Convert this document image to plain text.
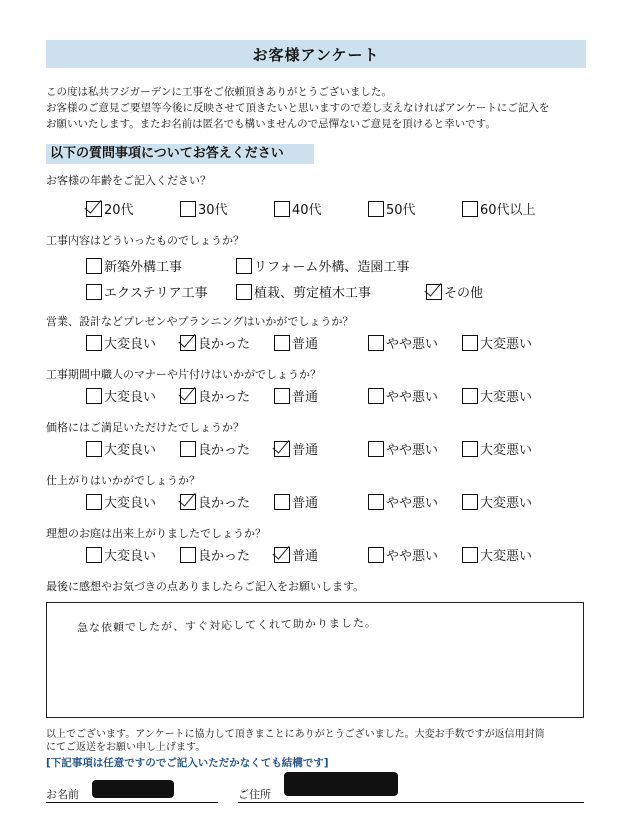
お客様アンケート
この度は私共フジガーデンに工事をご依頼頂きありがとうございました。
お客様のご意見ご要望等今後に反映させて頂きたいと思いますので差し支えなければアンケートにご記入を
お願いいたします。またお名前は匿名でも構いませんので忌憚ないご意見を頂けると幸いです。
以下の質問事項についてお答えください
お客様の年齢をご記入ください？
20代	30代	40代	50代	60代以上
工事内容はどういったものでしょうか？
新築外構工事	リフォーム外構、造園工事
エクステリア工事	植栽、剪定植木工事	その他
営業、設計などプレゼンやプランニングはいかがでしょうか？
大変良い	良かった	普通	やや悪い	大変悪い
工事期間中職人のマナーや片付けはいかがでしょうか？
大変良い	良かった	普通	やや悪い	大変悪い
価格にはご満足いただけたでしょうか？
大変良い	良かった	普通	やや悪い	大変悪い
仕上がりはいかがでしょうか？
大変良い	良かった	普通	やや悪い	大変悪い
理想のお庭は出来上がりましたでしょうか？
大変良い	良かった	普通	やや悪い	大変悪い
最後に感想やお気づきの点ありましたらご記入をお願いします。
急な依頼でしたが、すぐ対応してくれて助かりました。
以上でございます。アンケートに協力して頂きまことにありがとうございました。大変お手数ですが返信用封筒
にてご返送をお願い申し上げます。
[下記事項は任意ですのでご記入いただかなくても結構です]
お名前	ご住所
